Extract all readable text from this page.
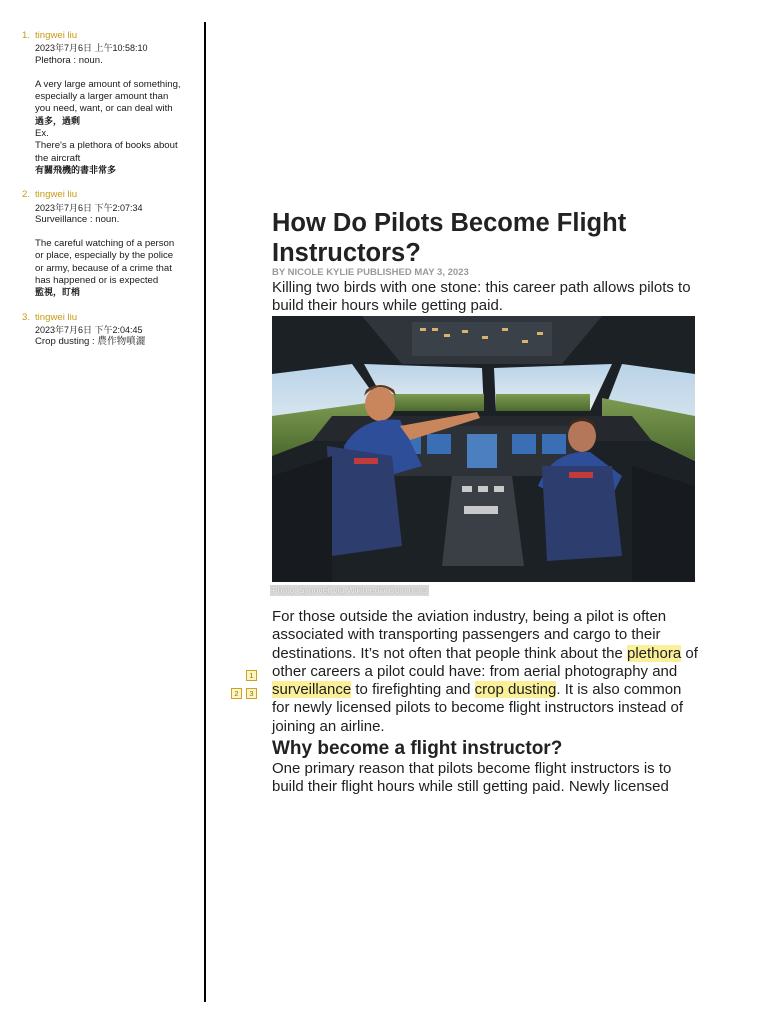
1. tingwei liu
2023年7月6日 上午10:58:10
Plethora : noun.
A very large amount of something,
especially a larger amount than
you need, want, or can deal with
過多，過剩
Ex.
There's a plethora of books about
the aircraft
有關飛機的書非常多
2. tingwei liu
2023年7月6日 下午2:07:34
Surveillance : noun.
The careful watching of a person
or place, especially by the police
or army, because of a crime that
has happened or is expected
監視，盯梢
3. tingwei liu
2023年7月6日 下午2:04:45
Crop dusting : 農作物噴灑
1
2	3
How Do Pilots Become Flight Instructors?
BY NICOLE KYLIE PUBLISHED MAY 3, 2023
Killing two birds with one stone: this career path allows pilots to build their hours while getting paid.
Photo: Synovell via Wikimedia Commons

For those outside the aviation industry, being a pilot is often associated with transporting passengers and cargo to their destinations. It’s not often that people think about the plethora of other careers a pilot could have: from aerial photography and surveillance to firefighting and crop dusting. It is also common for newly licensed pilots to become flight instructors instead of joining an airline.

Why become a flight instructor?

One primary reason that pilots become flight instructors is to build their flight hours while still getting paid. Newly licensed
